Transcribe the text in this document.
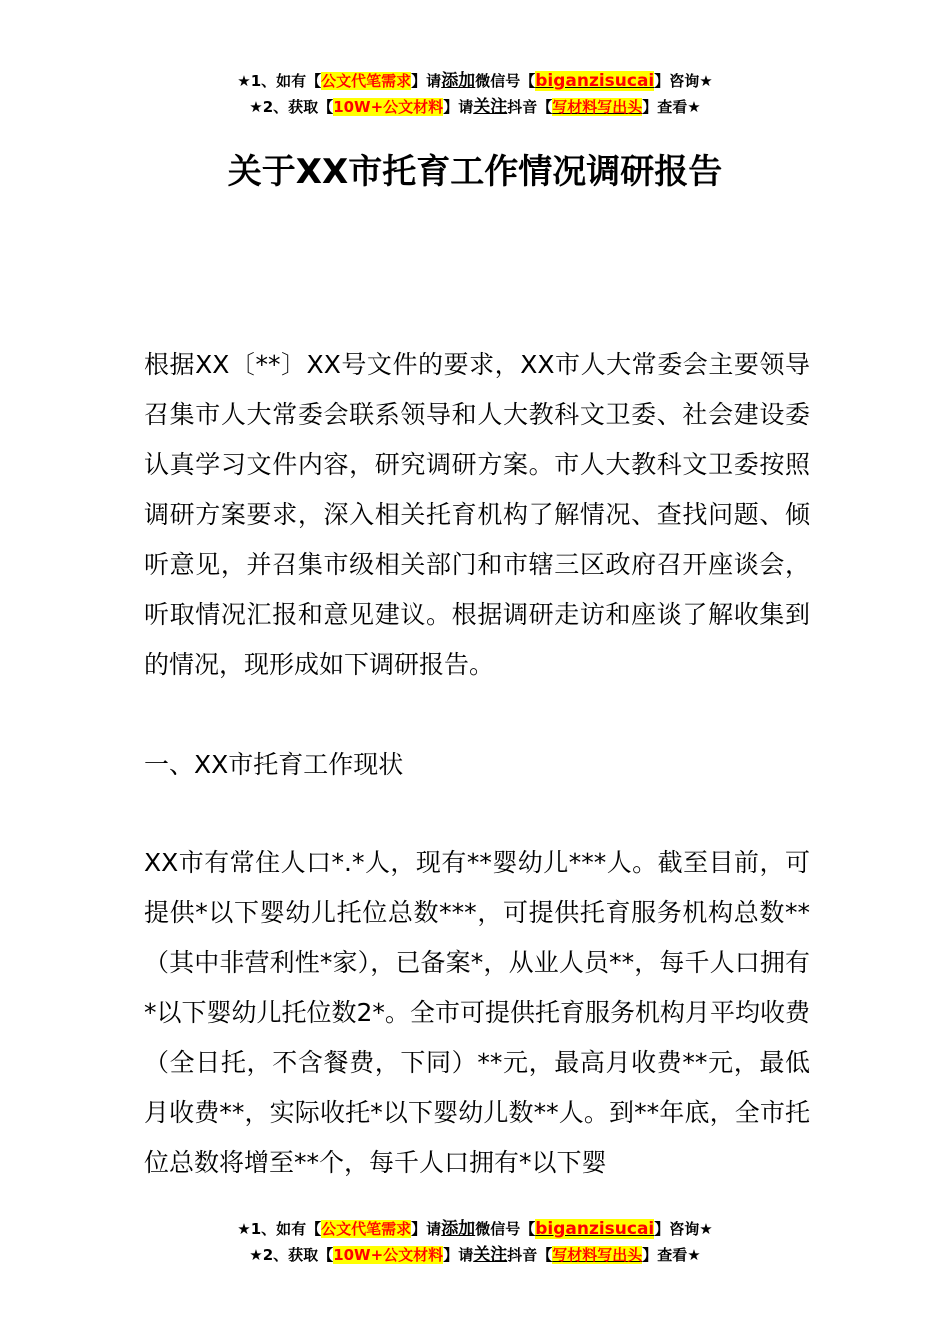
★1、如有【公文代笔需求】请添加微信号【biganzisucai】咨询★
★2、获取【10W+公文材料】请关注抖音【写材料写出头】查看★
关于XX市托育工作情况调研报告

根据XX〔**〕XX号文件的要求，XX市人大常委会主要领导召集市人大常委会联系领导和人大教科文卫委、社会建设委认真学习文件内容，研究调研方案。市人大教科文卫委按照调研方案要求，深入相关托育机构了解情况、查找问题、倾听意见，并召集市级相关部门和市辖三区政府召开座谈会，听取情况汇报和意见建议。根据调研走访和座谈了解收集到的情况，现形成如下调研报告。

一、XX市托育工作现状

XX市有常住人口*.*人，现有**婴幼儿***人。截至目前，可提供*以下婴幼儿托位总数***，可提供托育服务机构总数**（其中非营利性*家），已备案*，从业人员**，每千人口拥有*以下婴幼儿托位数2*。全市可提供托育服务机构月平均收费（全日托，不含餐费，下同）**元，最高月收费**元，最低月收费**，实际收托*以下婴幼儿数**人。到**年底，全市托位总数将增至**个，每千人口拥有*以下婴

★1、如有【公文代笔需求】请添加微信号【biganzisucai】咨询★
★2、获取【10W+公文材料】请关注抖音【写材料写出头】查看★
